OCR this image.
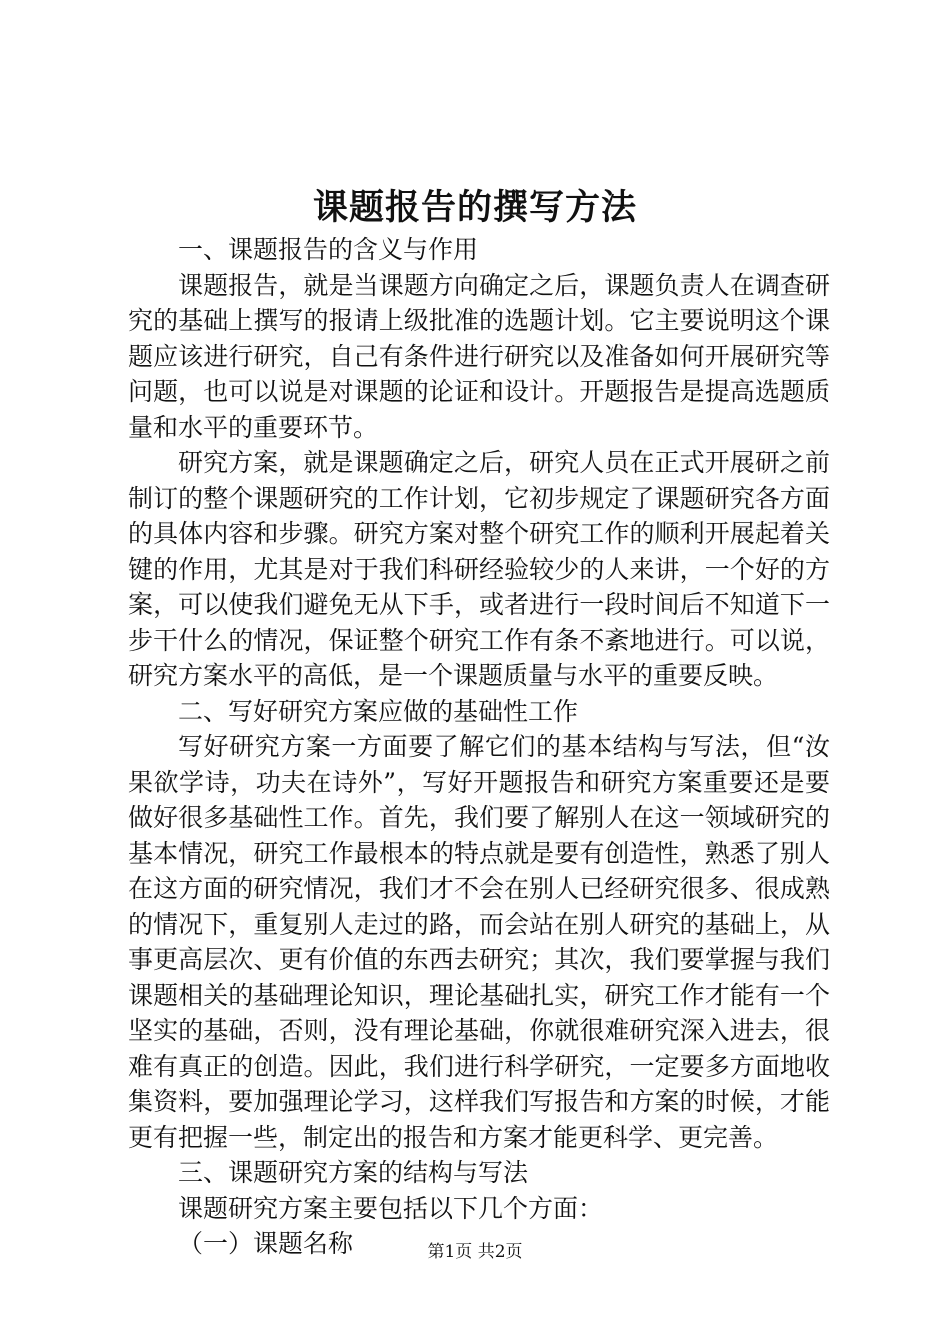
课题报告的撰写方法

一、课题报告的含义与作用

课题报告，就是当课题方向确定之后，课题负责人在调查研究的基础上撰写的报请上级批准的选题计划。它主要说明这个课题应该进行研究，自己有条件进行研究以及准备如何开展研究等问题，也可以说是对课题的论证和设计。开题报告是提高选题质量和水平的重要环节。

研究方案，就是课题确定之后，研究人员在正式开展研之前制订的整个课题研究的工作计划，它初步规定了课题研究各方面的具体内容和步骤。研究方案对整个研究工作的顺利开展起着关键的作用，尤其是对于我们科研经验较少的人来讲，一个好的方案，可以使我们避免无从下手，或者进行一段时间后不知道下一步干什么的情况，保证整个研究工作有条不紊地进行。可以说，研究方案水平的高低，是一个课题质量与水平的重要反映。

二、写好研究方案应做的基础性工作

写好研究方案一方面要了解它们的基本结构与写法，但“汝果欲学诗，功夫在诗外”，写好开题报告和研究方案重要还是要做好很多基础性工作。首先，我们要了解别人在这一领域研究的基本情况，研究工作最根本的特点就是要有创造性，熟悉了别人在这方面的研究情况，我们才不会在别人已经研究很多、很成熟的情况下，重复别人走过的路，而会站在别人研究的基础上，从事更高层次、更有价值的东西去研究；其次，我们要掌握与我们课题相关的基础理论知识，理论基础扎实，研究工作才能有一个坚实的基础，否则，没有理论基础，你就很难研究深入进去，很难有真正的创造。因此，我们进行科学研究，一定要多方面地收集资料，要加强理论学习，这样我们写报告和方案的时候，才能更有把握一些，制定出的报告和方案才能更科学、更完善。

三、课题研究方案的结构与写法

课题研究方案主要包括以下几个方面：

（一）课题名称	第1页 共2页
